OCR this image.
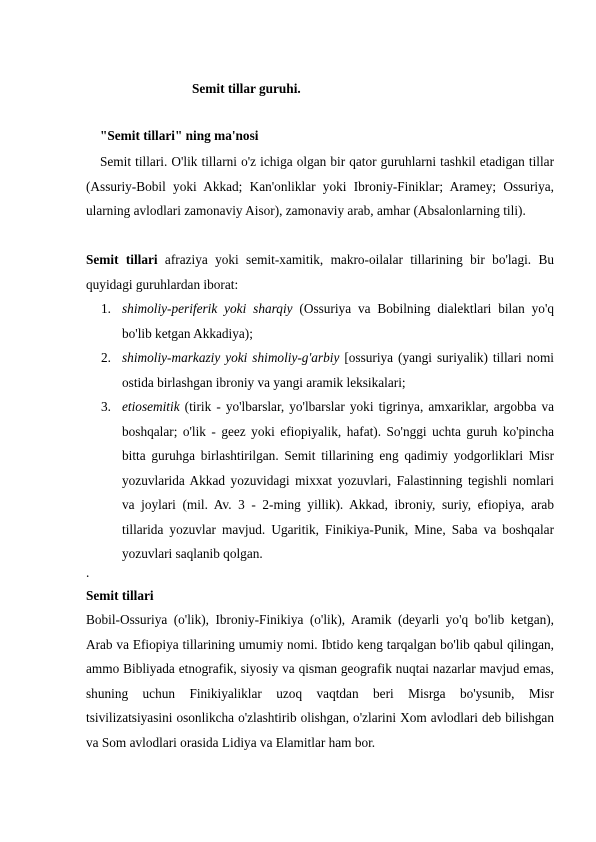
Semit tillar guruhi.
"Semit tillari" ning ma'nosi
Semit tillari. O'lik tillarni o'z ichiga olgan bir qator guruhlarni tashkil etadigan tillar (Assuriy-Bobil yoki Akkad; Kan'onliklar yoki Ibroniy-Finiklar; Aramey; Ossuriya, ularning avlodlari zamonaviy Aisor), zamonaviy arab, amhar (Absalonlarning tili).
Semit tillari afraziya yoki semit-xamitik, makro-oilalar tillarining bir bo'lagi. Bu quyidagi guruhlardan iborat:
1. shimoliy-periferik yoki sharqiy (Ossuriya va Bobilning dialektlari bilan yo'q bo'lib ketgan Akkadiya);
2. shimoliy-markaziy yoki shimoliy-g'arbiy [ossuriya (yangi suriyalik) tillari nomi ostida birlashgan ibroniy va yangi aramik leksikalari;
3. etiosemitik (tirik - yo'lbarslar, yo'lbarslar yoki tigrinya, amxariklar, argobba va boshqalar; o'lik - geez yoki efiopiyalik, hafat). So'nggi uchta guruh ko'pincha bitta guruhga birlashtirilgan. Semit tillarining eng qadimiy yodgorliklari Misr yozuvlarida Akkad yozuvidagi mixxat yozuvlari, Falastinning tegishli nomlari va joylari (mil. Av. 3 - 2-ming yillik). Akkad, ibroniy, suriy, efiopiya, arab tillarida yozuvlar mavjud. Ugaritik, Finikiya-Punik, Mine, Saba va boshqalar yozuvlari saqlanib qolgan.
.
Semit tillari
Bobil-Ossuriya (o'lik), Ibroniy-Finikiya (o'lik), Aramik (deyarli yo'q bo'lib ketgan), Arab va Efiopiya tillarining umumiy nomi. Ibtido keng tarqalgan bo'lib qabul qilingan, ammo Bibliyada etnografik, siyosiy va qisman geografik nuqtai nazarlar mavjud emas, shuning uchun Finikiyaliklar uzoq vaqtdan beri Misrga bo'ysunib, Misr tsivilizatsiyasini osonlikcha o'zlashtirib olishgan, o'zlarini Xom avlodlari deb bilishgan va Som avlodlari orasida Lidiya va Elamitlar ham bor.
